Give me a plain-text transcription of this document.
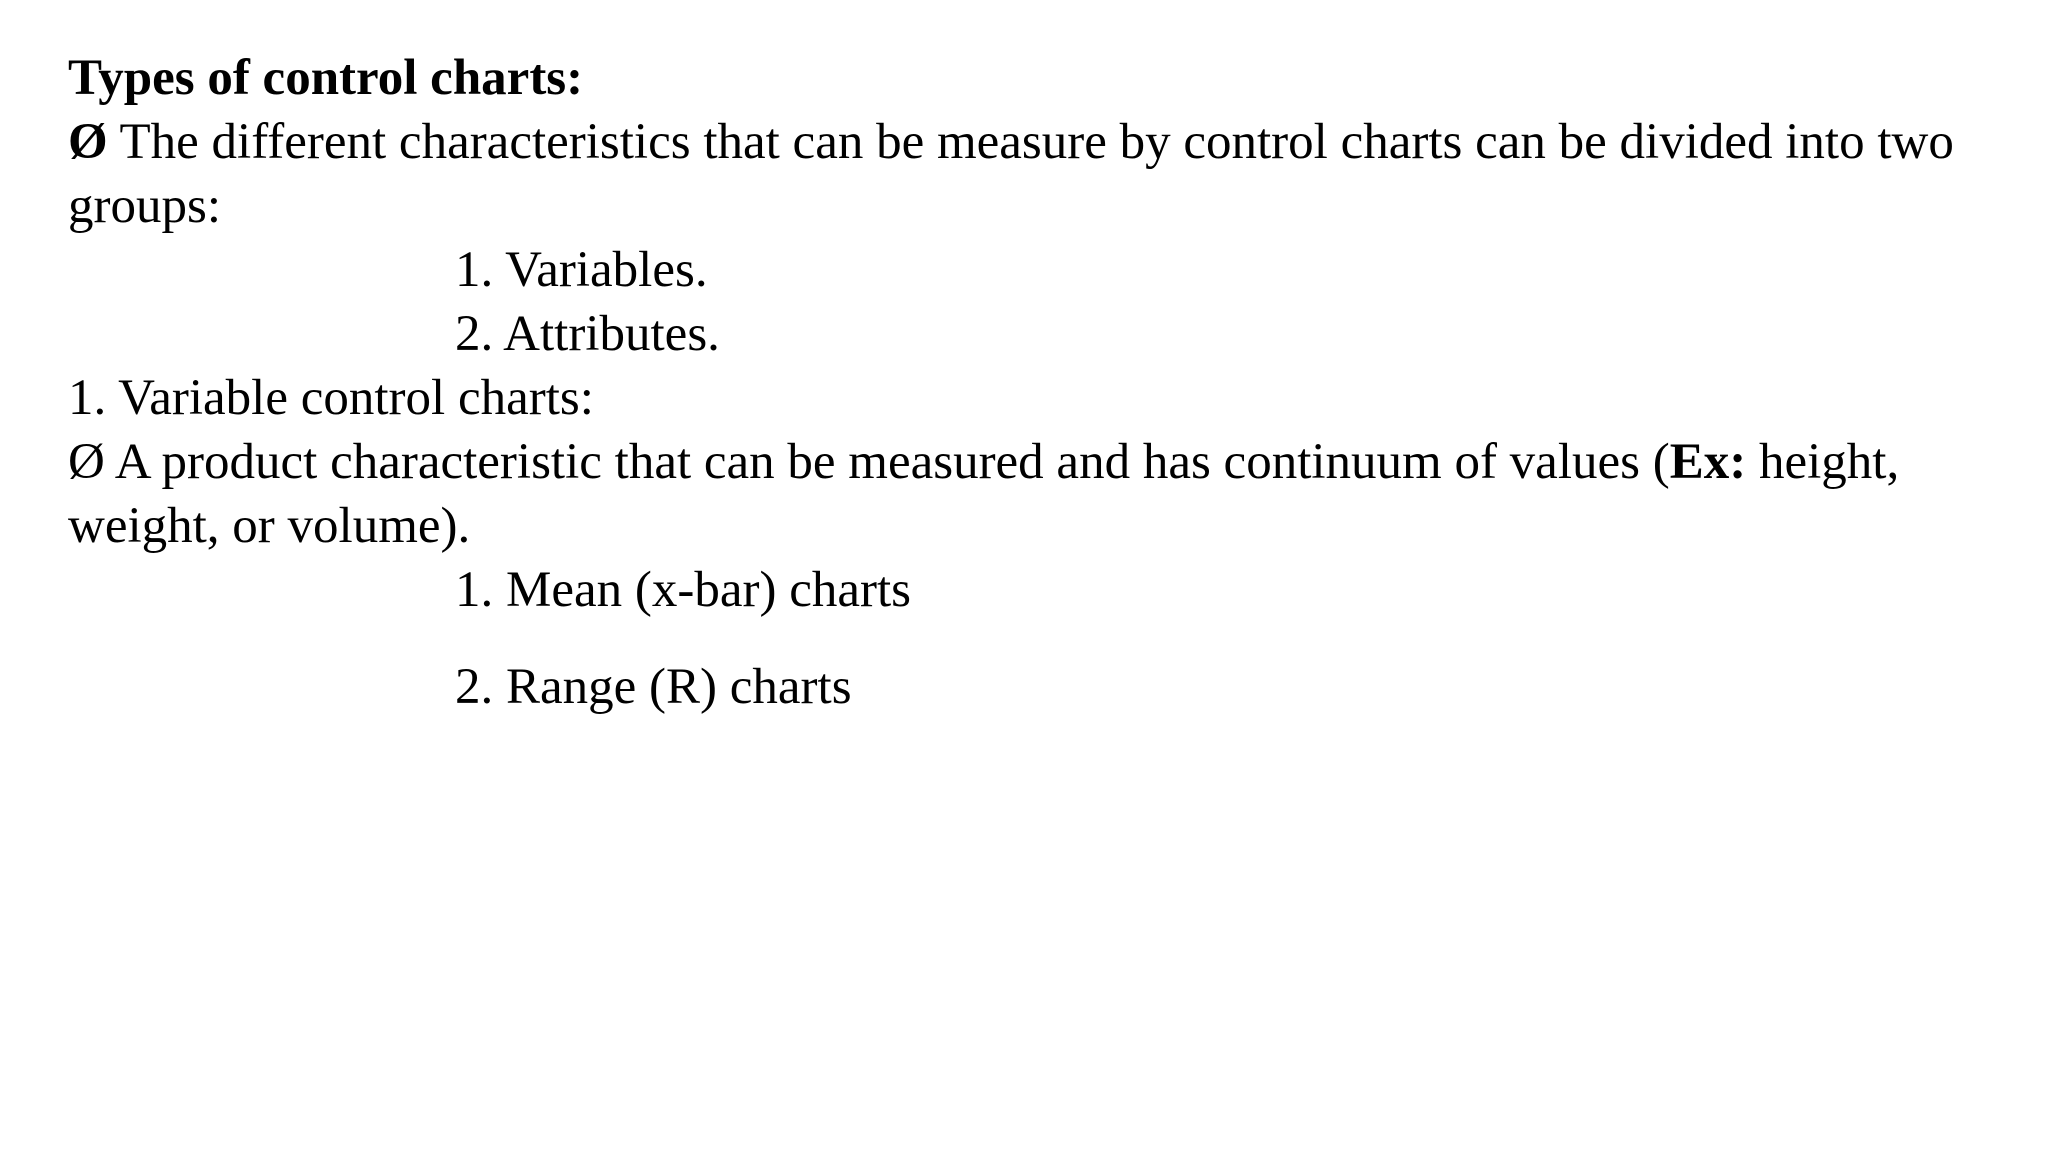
Types of control charts:
Ø The different characteristics that can be measure by control charts can be divided into two groups:
1. Variables.
2. Attributes.
1. Variable control charts:
Ø A product characteristic that can be measured and has continuum of values (Ex: height, weight, or volume).
1. Mean (x-bar) charts
2. Range (R) charts
